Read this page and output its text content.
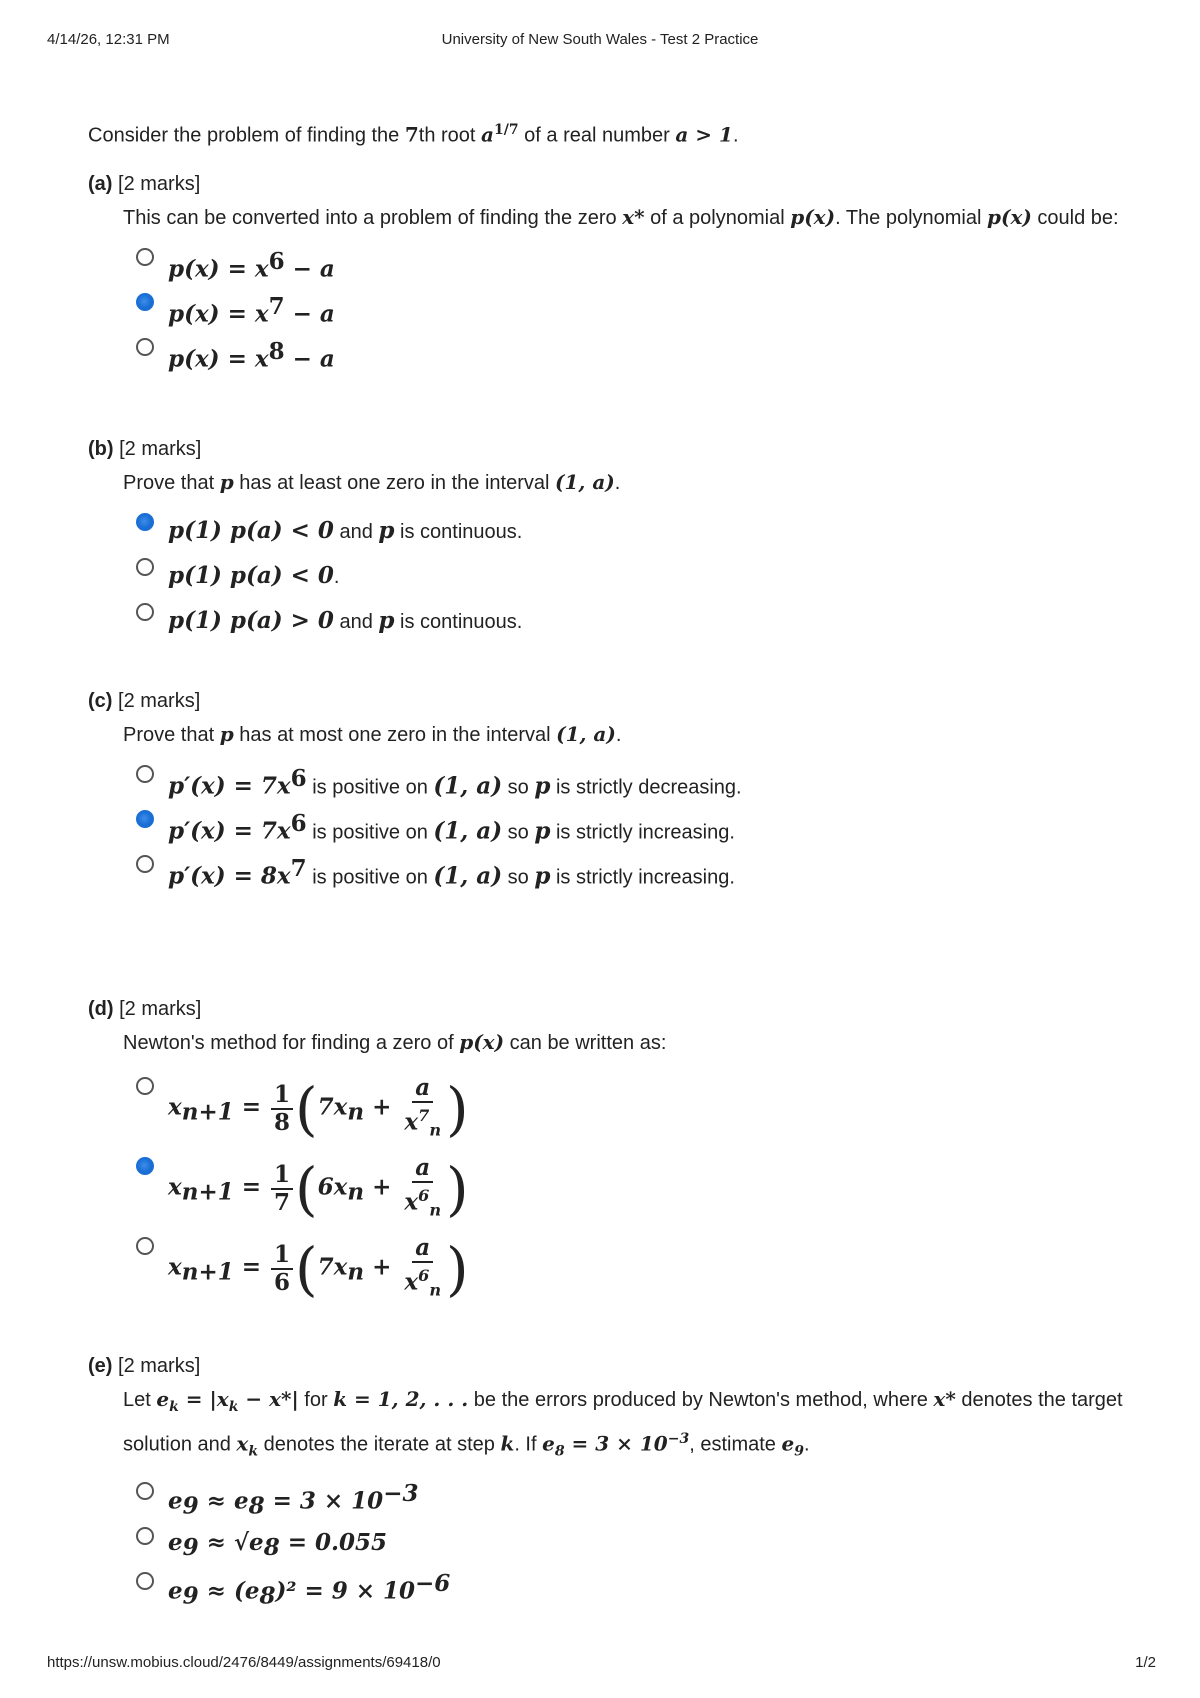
4/14/26, 12:31 PM	University of New South Wales - Test 2 Practice
Consider the problem of finding the 7th root $a^{1/7}$ of a real number a > 1.
(a) [2 marks]
This can be converted into a problem of finding the zero x* of a polynomial p(x). The polynomial p(x) could be:
$p(x) = x^6 - a$
$p(x) = x^7 - a$
$p(x) = x^8 - a$
(b) [2 marks]
Prove that p has at least one zero in the interval (1, a).
p(1) p(a) < 0 and p is continuous.
p(1) p(a) < 0.
p(1) p(a) > 0 and p is continuous.
(c) [2 marks]
Prove that p has at most one zero in the interval (1, a).
$p'(x) = 7x^6$ is positive on (1, a) so p is strictly decreasing.
$p'(x) = 7x^6$ is positive on (1, a) so p is strictly increasing.
$p'(x) = 8x^7$ is positive on (1, a) so p is strictly increasing.
(d) [2 marks]
Newton's method for finding a zero of p(x) can be written as:
$x_{n+1} = \frac{1}{8} (7x_n + \frac{a}{x^7_n}$ )
$x_{n+1} = \frac{1}{7} (6x_n + \frac{a}{x^6_n}$ )
$x_{n+1} = \frac{1}{6} (7x_n + \frac{a}{x^6_n}$ )
(e) [2 marks]
Let $e_k = |x_k - x*|$ for k = 1, 2, . . . be the errors produced by Newton's method, where x* denotes the target solution and $x_k$ denotes the iterate at step k. If $e_8 = 3 \times 10^{-3}$, estimate $e_9$.
$e_9 \approx e_8 = 3 \times 10^{-3}$
$e_9 \approx √e_8 = 0.055$
$e_9 \approx (e_8)^2 = 9 \times 10^{-6}$
https://unsw.mobius.cloud/2476/8449/assignments/69418/0	1/2
